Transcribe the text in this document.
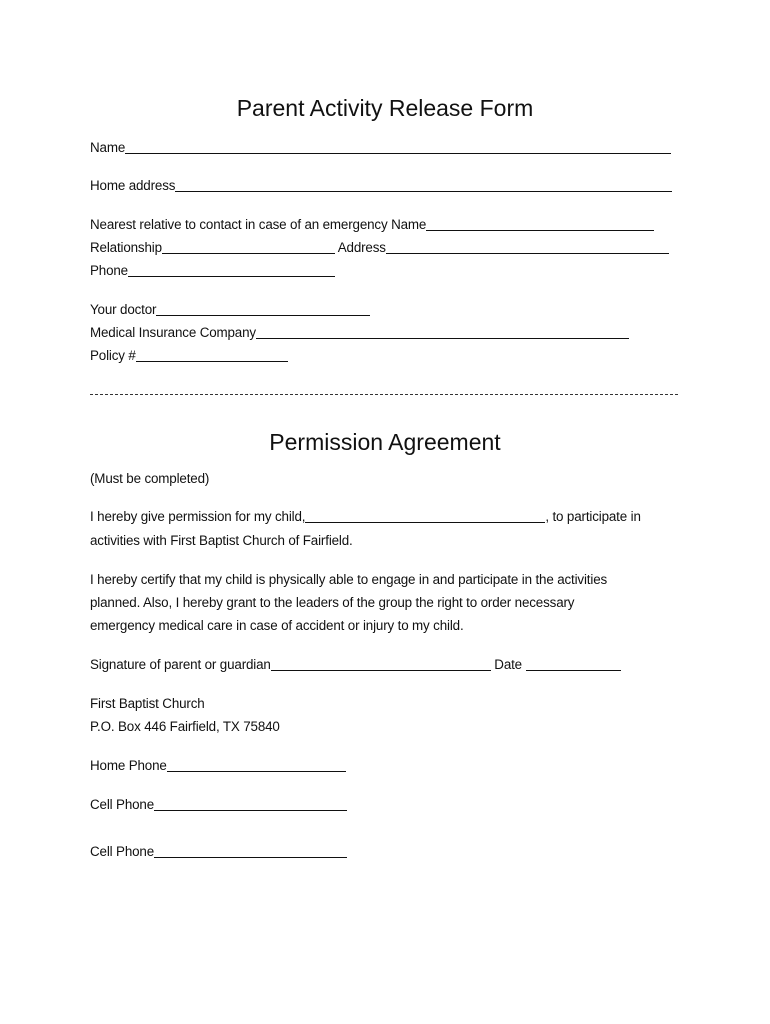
Parent Activity Release Form
Name
Home address
Nearest relative to contact in case of an emergency Name
Relationship	Address
Phone
Your doctor
Medical Insurance Company
Policy #
Permission Agreement
(Must be completed)
I hereby give permission for my child,	, to participate in
activities with First Baptist Church of Fairfield.
I hereby certify that my child is physically able to engage in and participate in the activities
planned. Also, I hereby grant to the leaders of the group the right to order necessary
emergency medical care in case of accident or injury to my child.
Signature of parent or guardian	Date
First Baptist Church
P.O. Box 446 Fairfield, TX 75840
Home Phone
Cell Phone
Cell Phone
